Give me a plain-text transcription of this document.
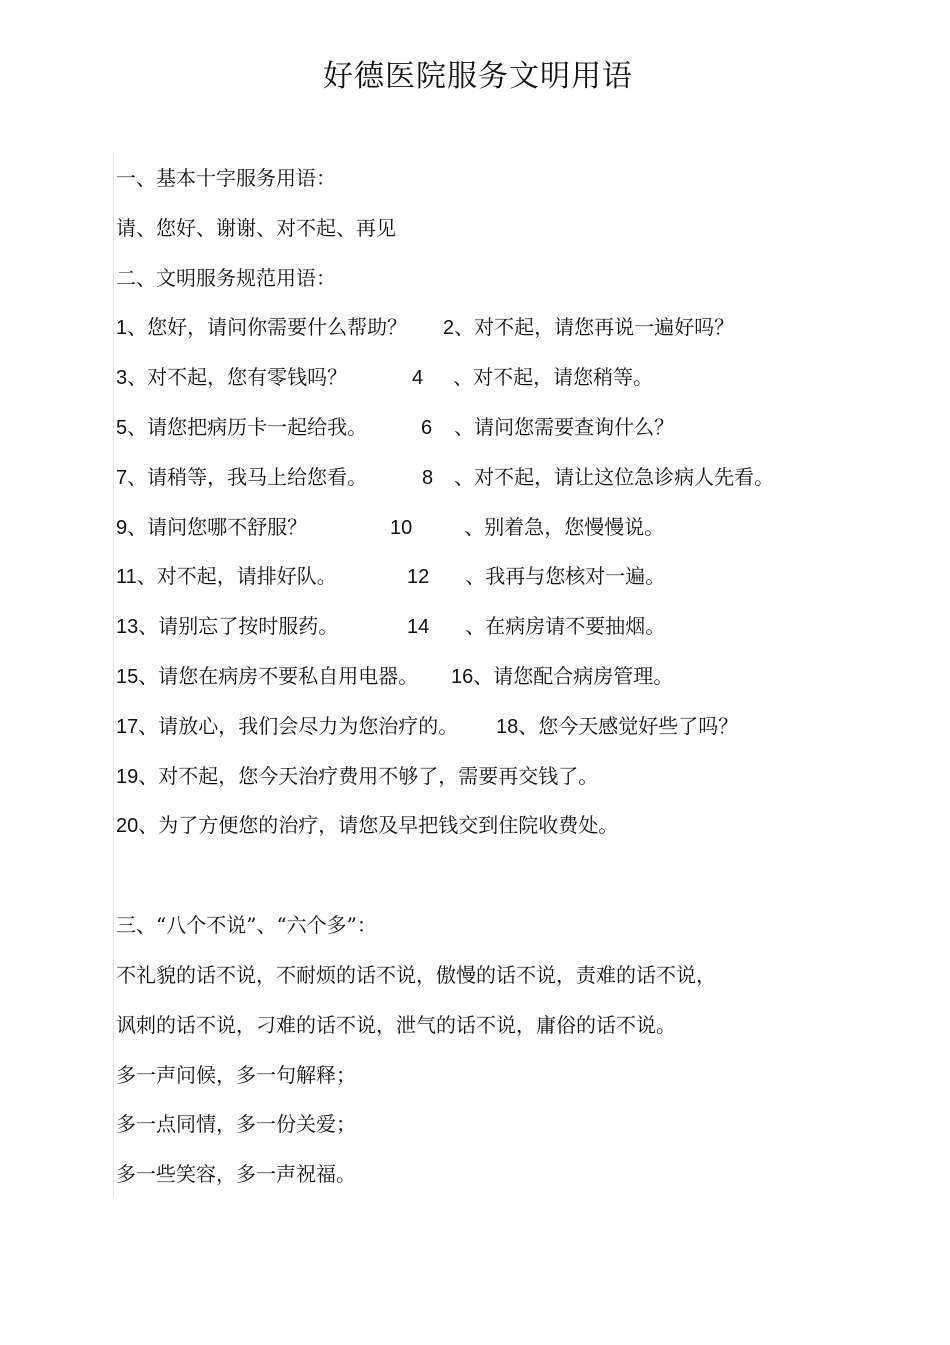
好德医院服务文明用语
一、基本十字服务用语：
请、您好、谢谢、对不起、再见
二、文明服务规范用语：
1、您好，请问你需要什么帮助？ 2、对不起，请您再说一遍好吗？
3、对不起，您有零钱吗？	4 、对不起，请您稍等。
5、请您把病历卡一起给我。	6 、请问您需要查询什么？
7、请稍等，我马上给您看。	8 、对不起，请让这位急诊病人先看。
9、请问您哪不舒服？	10	、别着急，您慢慢说。
11、对不起，请排好队。	12 、我再与您核对一遍。
13、请别忘了按时服药。	14 、在病房请不要抽烟。
15、请您在病房不要私自用电器。 16、请您配合病房管理。
17、请放心，我们会尽力为您治疗的。 18、您今天感觉好些了吗？
19、对不起，您今天治疗费用不够了，需要再交钱了。
20、为了方便您的治疗，请您及早把钱交到住院收费处。
三、“八个不说”、“六个多”：
不礼貌的话不说，不耐烦的话不说，傲慢的话不说，责难的话不说，
讽刺的话不说，刁难的话不说，泄气的话不说，庸俗的话不说。
多一声问候，多一句解释；
多一点同情，多一份关爱；
多一些笑容，多一声祝福。
